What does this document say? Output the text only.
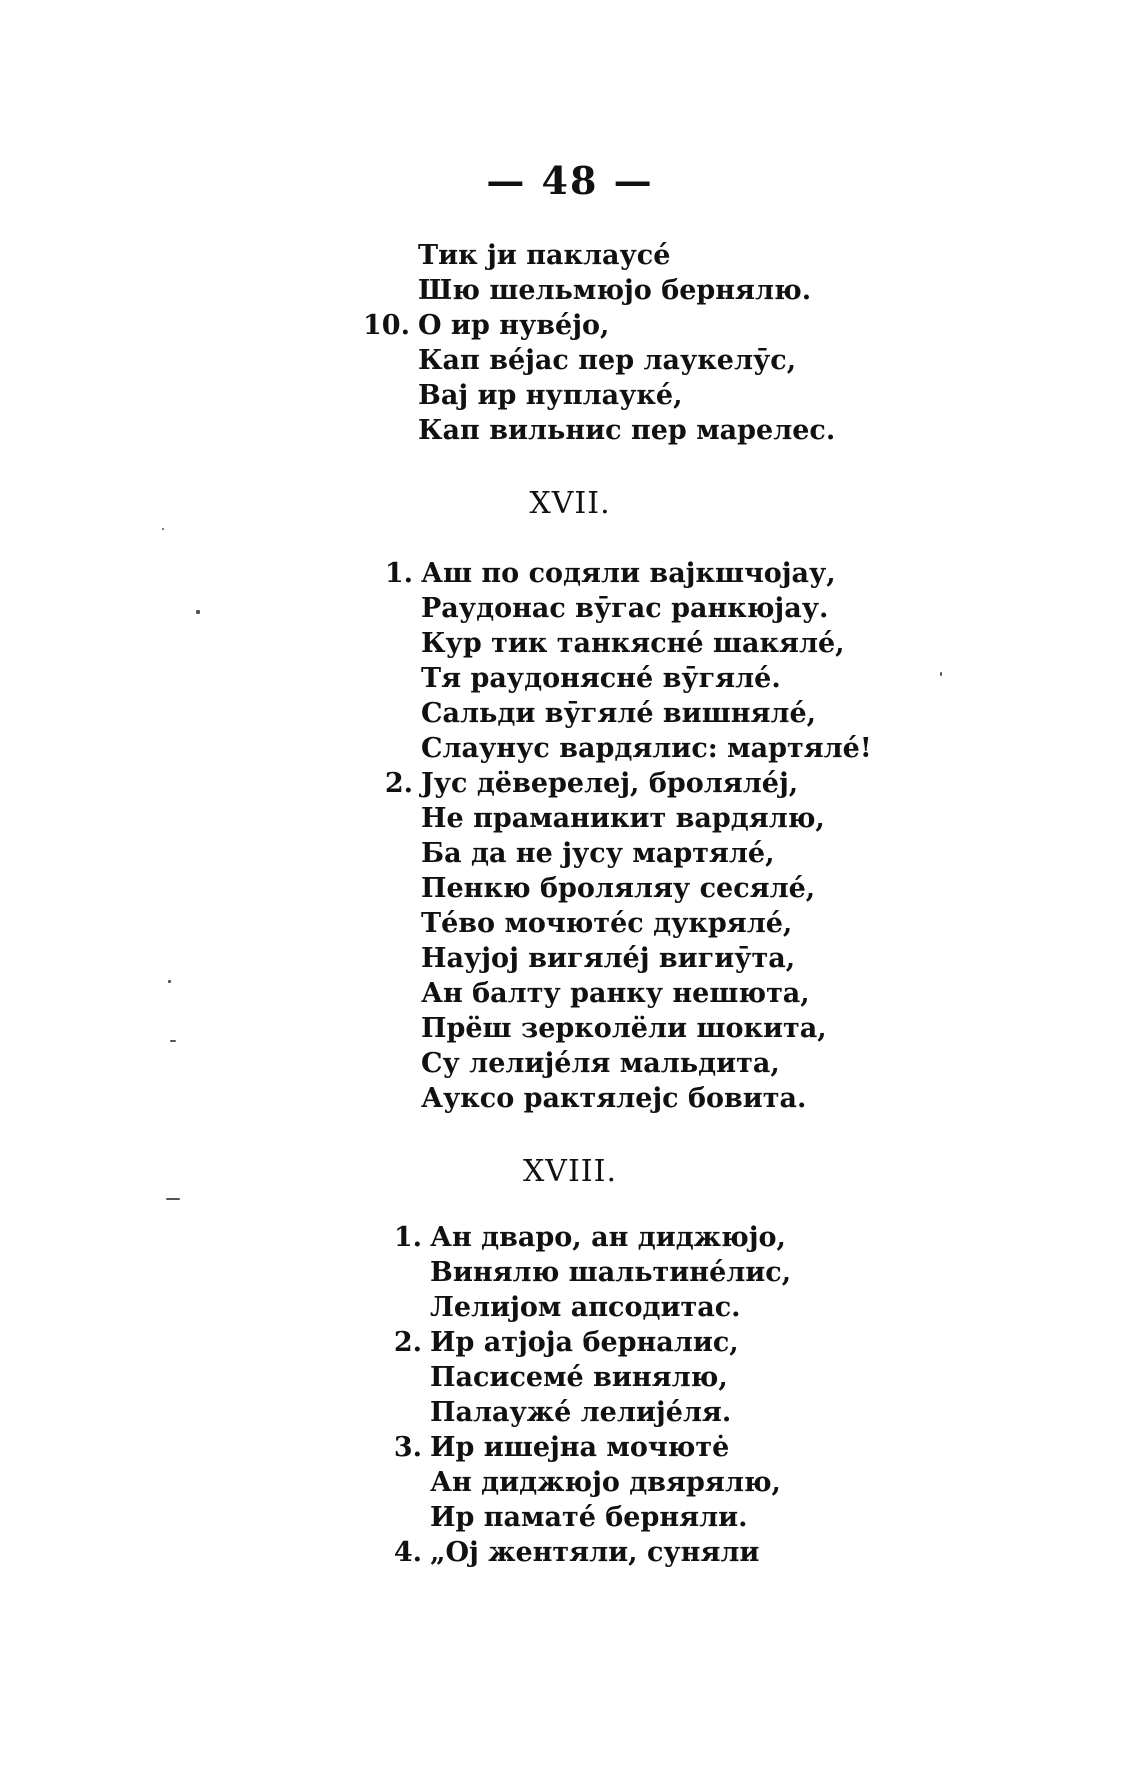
— 48 —
Тик ји паклаусе́
Шю шельмюјо бернялю.
10. О ир нуве́јо,
Кап ве́јас пер лаукелӯс,
Вај ир нуплауке́,
Кап вильнис пер марелес.
XVII.
1. Аш по содяли вајкшчојау,
Раудонас вӯгас ранкюјау.
Кур тик танкясне́ шакяле́,
Тя раудонясне́ вӯгяле́.
Сальди вӯгяле́ вишняле́,
Слаунус вардялис: мартяле́!
2. Јус дёверелеј, броляле́ј,
Не праманикит вардялю,
Ба да не јусу мартяле́,
Пенкю броляляу сесяле́,
Те́во мочюте́с дукряле́,
Наујој вигяле́ј вигиӯта,
Ан балту ранку нешюта,
Прёш зерколёли шокита,
Су лелије́ля мальдита,
Ауксо рактялејс бовита.
XVIII.
1. Ан дваро, ан диджюјо,
Винялю шальтине́лис,
Лелијом апсодитас.
2. Ир атјоја берналис,
Пасисеме́ винялю,
Палауже́ лелије́ля.
3. Ир ишејна мочюте̇
Ан диджюјо двярялю,
Ир памате́ берняли.
4. „Ој жентяли, суняли
